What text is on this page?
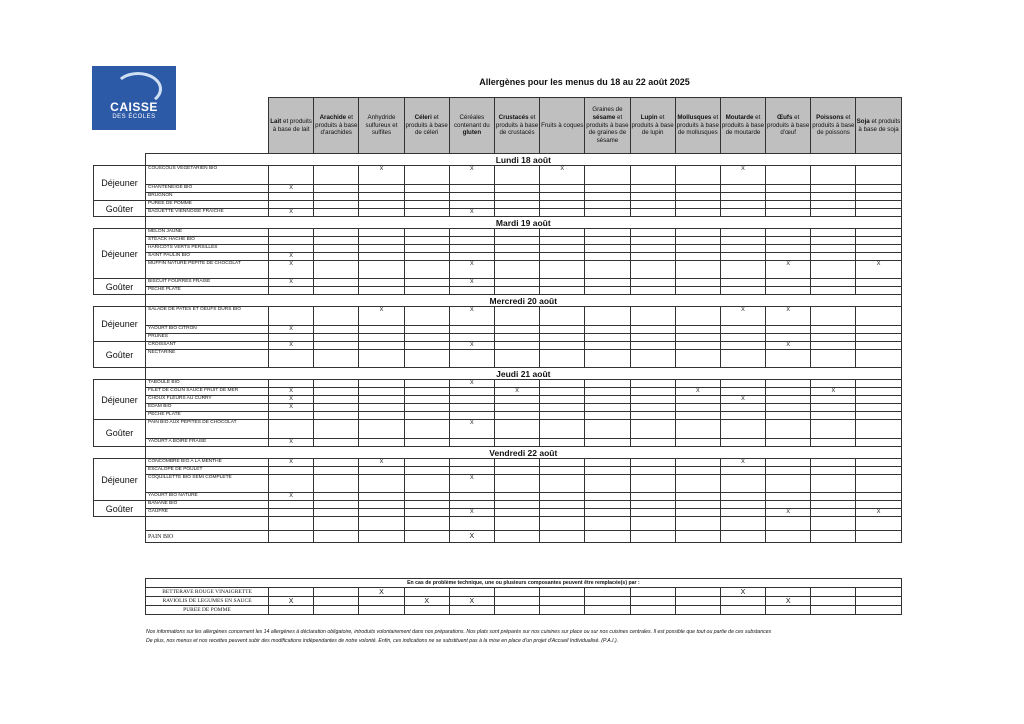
CAISSE
DES ÉCOLES
Allergènes pour les menus du 18 au 22 août 2025
		Lait et produits à base de lait	Arachide et produits à base d'arachides	Anhydride sulfureux et sulfites	Céleri et produits à base de céleri	Céréales contenant du gluten	Crustacés et produits à base de crustacés	Fruits à coques	Graines de sésame et produits à base de graines de sésame	Lupin et produits à base de lupin	Mollusques et produits à base de mollusques	Moutarde et produits à base de moutarde	Œufs et produits à base d'œuf	Poissons et produits à base de poissons	Soja et produits à base de soja
	Lundi 18 août														
Déjeuner	COUSCOUS VEGETARIEN BIO			X		X		X				X			
	CHANTENEIGE BIO	X													
	BRUGNON														
Goûter	PUREE DE POMME														
	BAGUETTE VIENNOISE FRAICHE	X				X									
	Mardi 19 août														
Déjeuner	MELON JAUNE														
	STEACK HACHE BIO														
	HARICOTS VERTS PERSILLES														
	SAINT PAULIN BIO	X													
	MUFFIN NATURE PEPITE DE CHOCOLAT	X				X							X		X
Goûter	BISCUIT FOURRES FRAISE	X				X									
	PECHE PLATE														
	Mercredi 20 août														
Déjeuner	SALADE DE PATES ET OEUFS DURS BIO			X		X						X	X		
	YAOURT BIO CITRON	X													
	PRUNES														
Goûter	CROISSANT	X				X							X		
	NECTARINE														
	Jeudi 21 août														
Déjeuner	TABOULE BIO					X									
	FILET DE COLIN SAUCE FRUIT DE MER	X					X				X			X	
	CHOUX FLEURS AU CURRY	X										X			
	EDAM BIO	X													
	PECHE PLATE														
Goûter	PAIN BIO AUX PEPITES DE CHOCOLAT					X									
	YAOURT A BOIRE FRAISE	X													
	Vendredi 22 août														
Déjeuner	CONCOMBRE BIO A LA MENTHE	X		X								X			
	ESCALOPE DE POULET														
	COQUILLETTE BIO SEMI COMPLETE					X									
	YAOURT BIO NATURE	X													
Goûter	BANANE BIO														
	GAUFRE					X							X		X

	PAIN BIO					X									
En cas de problème technique, une ou plusieurs composantes peuvent être remplacée(s) par :														
BETTERAVE ROUGE VINAIGRETTE			X								X			
RAVIOLIS DE LEGUMES EN SAUCE	X			X	X							X		
PUREE DE POMME														
Nos informations sur les allergènes concernent les 14 allergènes à déclaration obligatoire, introduits volontairement dans nos préparations. Nos plats sont préparés sur nos cuisines sur place ou sur nos cuisines centrales. Il est possible que tout ou partie de ces substances
De plus, nos menus et nos recettes peuvent subir des modifications indépendantes de notre volonté. Enfin, ces indications ne se substituent pas à la mise en place d'un projet d'Accueil Individualisé. (P.A.I.).
